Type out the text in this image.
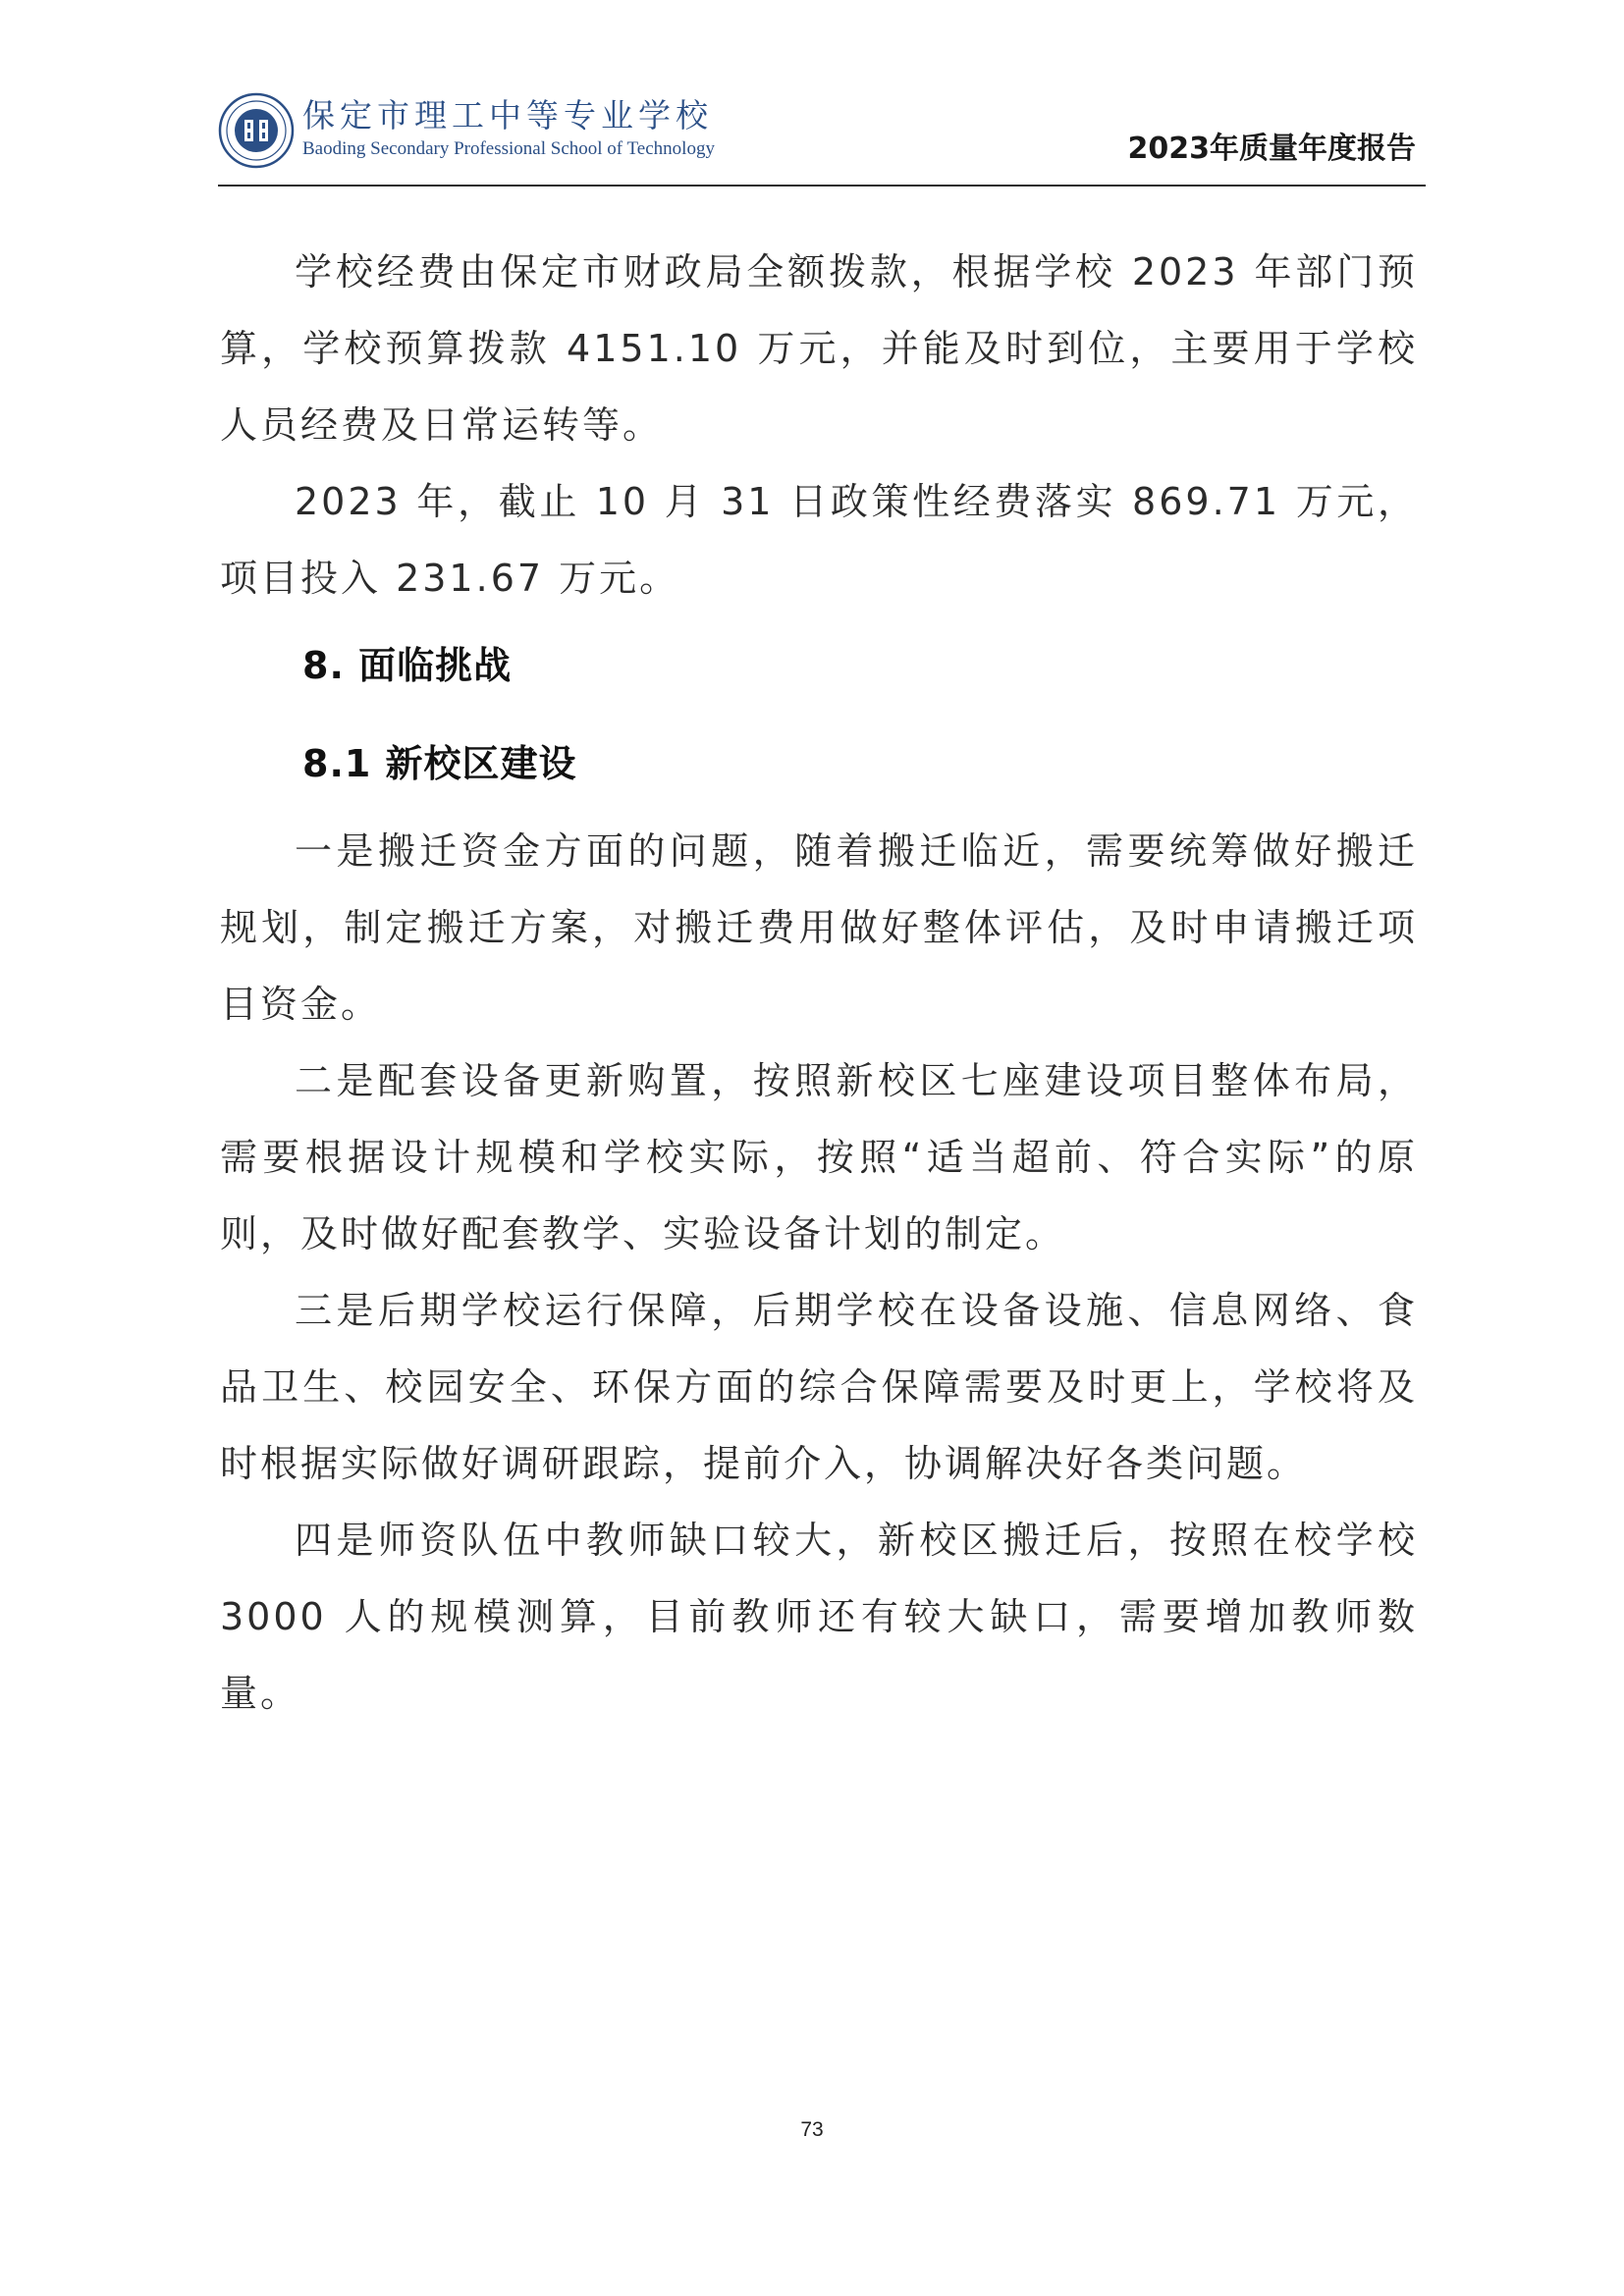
保定市理工中等专业学校
Baoding Secondary Professional School of Technology	2023年质量年度报告

学校经费由保定市财政局全额拨款，根据学校 2023 年部门预算，学校预算拨款 4151.10 万元，并能及时到位，主要用于学校人员经费及日常运转等。

2023 年，截止 10 月 31 日政策性经费落实 869.71 万元，项目投入 231.67 万元。

8. 面临挑战
8.1 新校区建设

一是搬迁资金方面的问题，随着搬迁临近，需要统筹做好搬迁规划，制定搬迁方案，对搬迁费用做好整体评估，及时申请搬迁项目资金。

二是配套设备更新购置，按照新校区七座建设项目整体布局，需要根据设计规模和学校实际，按照“适当超前、符合实际”的原则，及时做好配套教学、实验设备计划的制定。

三是后期学校运行保障，后期学校在设备设施、信息网络、食品卫生、校园安全、环保方面的综合保障需要及时更上，学校将及时根据实际做好调研跟踪，提前介入，协调解决好各类问题。

四是师资队伍中教师缺口较大，新校区搬迁后，按照在校学校 3000 人的规模测算，目前教师还有较大缺口，需要增加教师数量。

73
